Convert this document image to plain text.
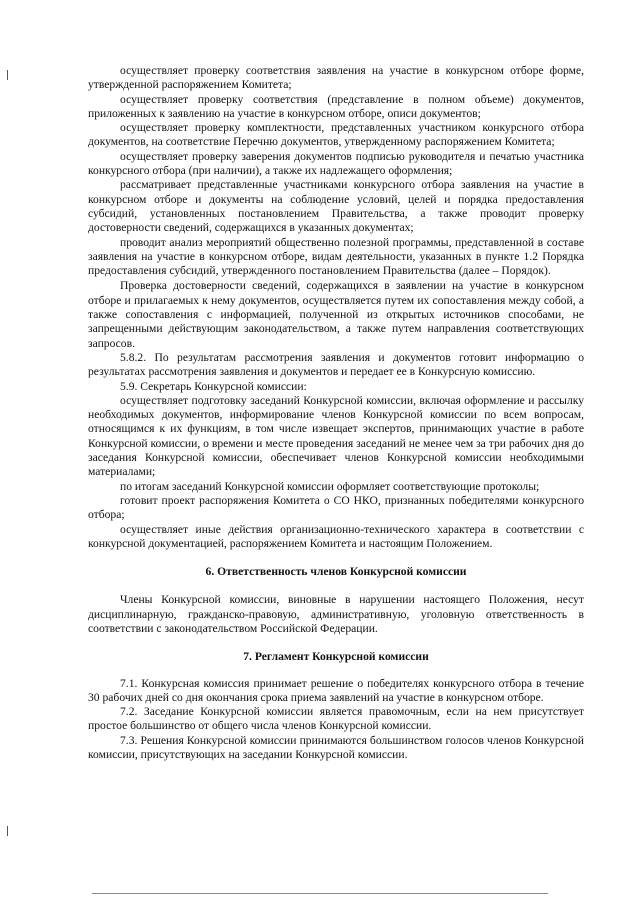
осуществляет проверку соответствия заявления на участие в конкурсном отборе форме, утвержденной распоряжением Комитета;

осуществляет проверку соответствия (представление в полном объеме) документов, приложенных к заявлению на участие в конкурсном отборе, описи документов;

осуществляет проверку комплектности, представленных участником конкурсного отбора документов, на соответствие Перечню документов, утвержденному распоряжением Комитета;

осуществляет проверку заверения документов подписью руководителя и печатью участника конкурсного отбора (при наличии), а также их надлежащего оформления;

рассматривает представленные участниками конкурсного отбора заявления на участие в конкурсном отборе и документы на соблюдение условий, целей и порядка предоставления субсидий, установленных постановлением Правительства, а также проводит проверку достоверности сведений, содержащихся в указанных документах;

проводит анализ мероприятий общественно полезной программы, представленной в составе заявления на участие в конкурсном отборе, видам деятельности, указанных в пункте 1.2 Порядка предоставления субсидий, утвержденного постановлением Правительства (далее – Порядок).

Проверка достоверности сведений, содержащихся в заявлении на участие в конкурсном отборе и прилагаемых к нему документов, осуществляется путем их сопоставления между собой, а также сопоставления с информацией, полученной из открытых источников способами, не запрещенными действующим законодательством, а также путем направления соответствующих запросов.

5.8.2. По результатам рассмотрения заявления и документов готовит информацию о результатах рассмотрения заявления и документов и передает ее в Конкурсную комиссию.

5.9. Секретарь Конкурсной комиссии:

осуществляет подготовку заседаний Конкурсной комиссии, включая оформление и рассылку необходимых документов, информирование членов Конкурсной комиссии по всем вопросам, относящимся к их функциям, в том числе извещает экспертов, принимающих участие в работе Конкурсной комиссии, о времени и месте проведения заседаний не менее чем за три рабочих дня до заседания Конкурсной комиссии, обеспечивает членов Конкурсной комиссии необходимыми материалами;

по итогам заседаний Конкурсной комиссии оформляет соответствующие протоколы;

готовит проект распоряжения Комитета о СО НКО, признанных победителями конкурсного отбора;

осуществляет иные действия организационно-технического характера в соответствии с конкурсной документацией, распоряжением Комитета и настоящим Положением.

6. Ответственность членов Конкурсной комиссии

Члены Конкурсной комиссии, виновные в нарушении настоящего Положения, несут дисциплинарную, гражданско-правовую, административную, уголовную ответственность в соответствии с законодательством Российской Федерации.

7. Регламент Конкурсной комиссии

7.1. Конкурсная комиссия принимает решение о победителях конкурсного отбора в течение 30 рабочих дней со дня окончания срока приема заявлений на участие в конкурсном отборе.

7.2. Заседание Конкурсной комиссии является правомочным, если на нем присутствует простое большинство от общего числа членов Конкурсной комиссии.

7.3. Решения Конкурсной комиссии принимаются большинством голосов членов Конкурсной комиссии, присутствующих на заседании Конкурсной комиссии.
